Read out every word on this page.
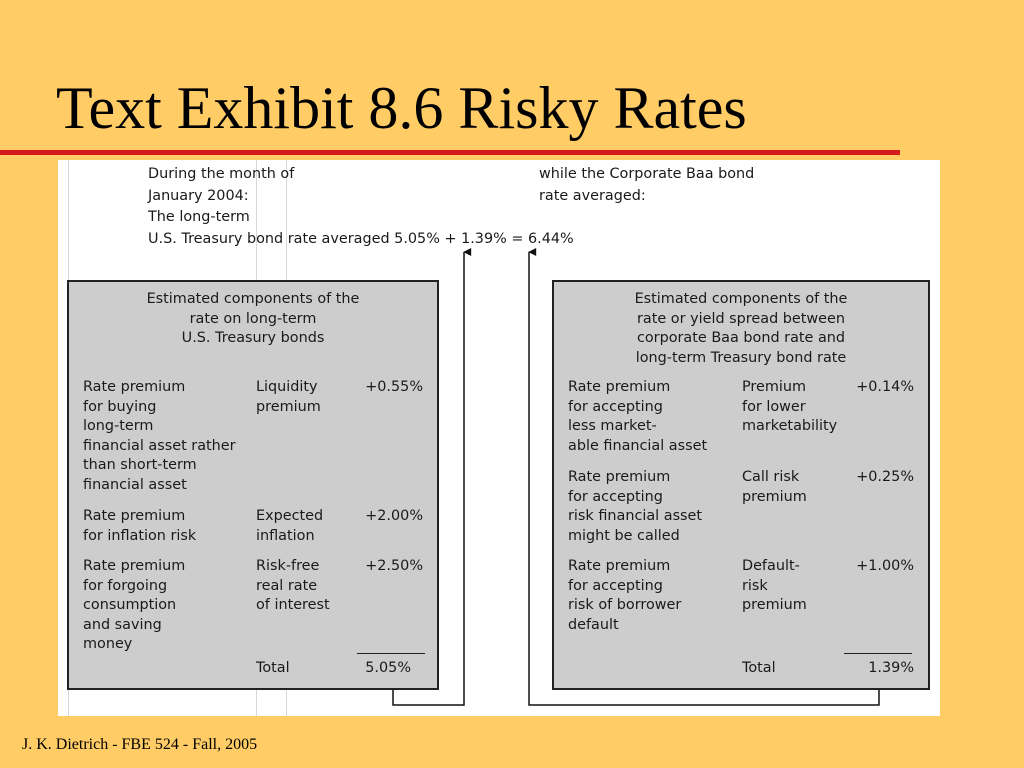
Text Exhibit 8.6 Risky Rates
During the month of
January 2004:
The long-term
U.S. Treasury bond rate averaged 5.05% + 1.39% = 6.44%
while the Corporate Baa bond
rate averaged:
Estimated components of the
rate on long-term
U.S. Treasury bonds
Rate premium
for buying
long-term
financial asset rather
than short-term
financial asset
Liquidity
premium
+0.55%
Rate premium
for inflation risk
Expected
inflation
+2.00%
Rate premium
for forgoing
consumption
and saving
money
Risk-free
real rate
of interest
+2.50%
Total	5.05%
Estimated components of the
rate or yield spread between
corporate Baa bond rate and
long-term Treasury bond rate
Rate premium
for accepting
less market-
able financial asset
Premium
for lower
marketability
+0.14%
Rate premium
for accepting
risk financial asset
might be called
Call risk
premium
+0.25%
Rate premium
for accepting
risk of borrower
default
Default-
risk
premium
+1.00%
Total	1.39%
J. K. Dietrich - FBE 524 - Fall, 2005
